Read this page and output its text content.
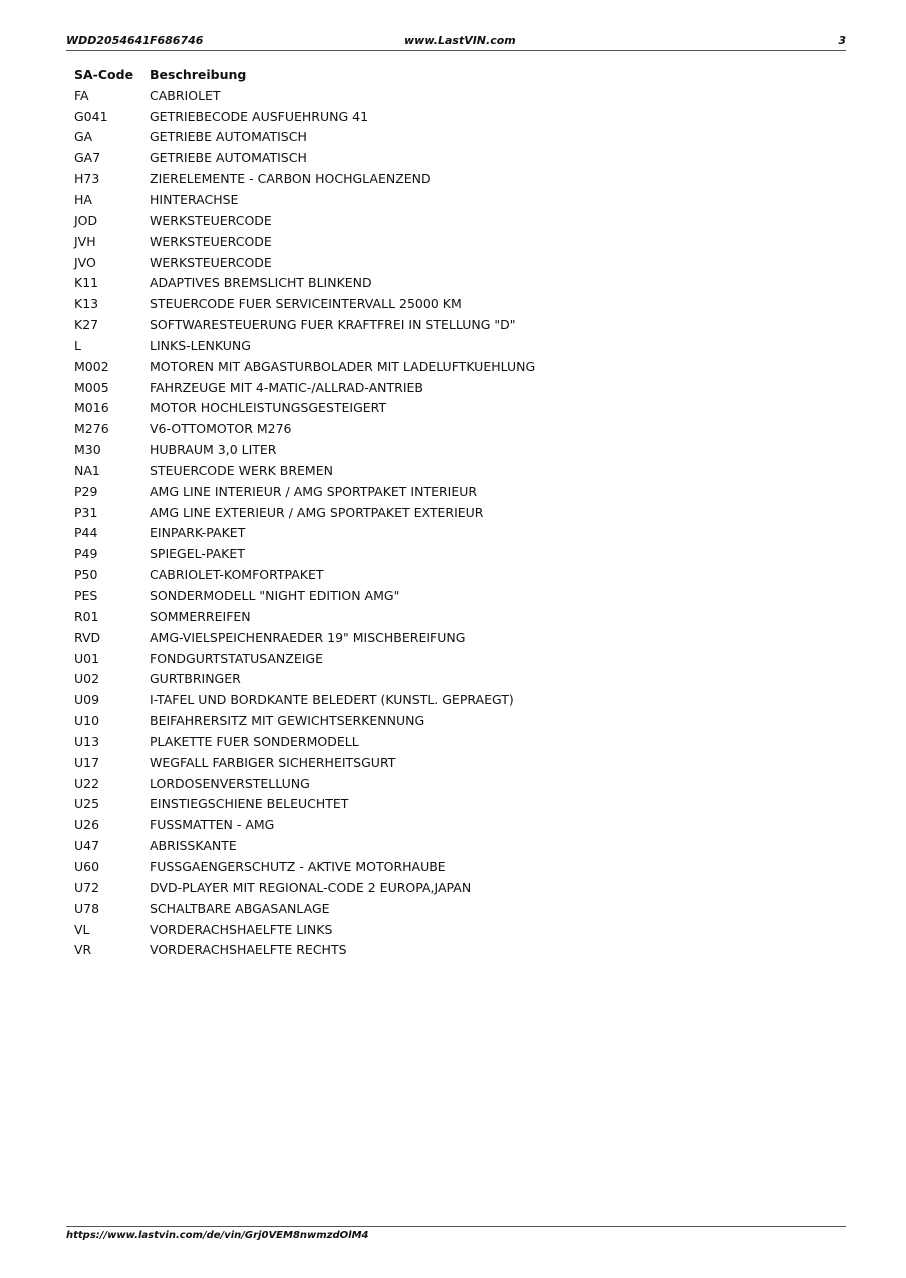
WDD2054641F686746	www.LastVIN.com	3
SA-Code	Beschreibung
FA	CABRIOLET
G041	GETRIEBECODE AUSFUEHRUNG 41
GA	GETRIEBE AUTOMATISCH
GA7	GETRIEBE AUTOMATISCH
H73	ZIERELEMENTE - CARBON HOCHGLAENZEND
HA	HINTERACHSE
JOD	WERKSTEUERCODE
JVH	WERKSTEUERCODE
JVO	WERKSTEUERCODE
K11	ADAPTIVES BREMSLICHT BLINKEND
K13	STEUERCODE FUER SERVICEINTERVALL 25000 KM
K27	SOFTWARESTEUERUNG FUER KRAFTFREI IN STELLUNG "D"
L	LINKS-LENKUNG
M002	MOTOREN MIT ABGASTURBOLADER MIT LADELUFTKUEHLUNG
M005	FAHRZEUGE MIT 4-MATIC-/ALLRAD-ANTRIEB
M016	MOTOR HOCHLEISTUNGSGESTEIGERT
M276	V6-OTTOMOTOR M276
M30	HUBRAUM 3,0 LITER
NA1	STEUERCODE WERK BREMEN
P29	AMG LINE INTERIEUR / AMG SPORTPAKET INTERIEUR
P31	AMG LINE EXTERIEUR / AMG SPORTPAKET EXTERIEUR
P44	EINPARK-PAKET
P49	SPIEGEL-PAKET
P50	CABRIOLET-KOMFORTPAKET
PES	SONDERMODELL "NIGHT EDITION AMG"
R01	SOMMERREIFEN
RVD	AMG-VIELSPEICHENRAEDER 19" MISCHBEREIFUNG
U01	FONDGURTSTATUSANZEIGE
U02	GURTBRINGER
U09	I-TAFEL UND BORDKANTE BELEDERT (KUNSTL. GEPRAEGT)
U10	BEIFAHRERSITZ MIT GEWICHTSERKENNUNG
U13	PLAKETTE FUER SONDERMODELL
U17	WEGFALL FARBIGER SICHERHEITSGURT
U22	LORDOSENVERSTELLUNG
U25	EINSTIEGSCHIENE BELEUCHTET
U26	FUSSMATTEN - AMG
U47	ABRISSKANTE
U60	FUSSGAENGERSCHUTZ - AKTIVE MOTORHAUBE
U72	DVD-PLAYER MIT REGIONAL-CODE 2 EUROPA,JAPAN
U78	SCHALTBARE ABGASANLAGE
VL	VORDERACHSHAELFTE LINKS
VR	VORDERACHSHAELFTE RECHTS
https://www.lastvin.com/de/vin/Grj0VEM8nwmzdOlM4
